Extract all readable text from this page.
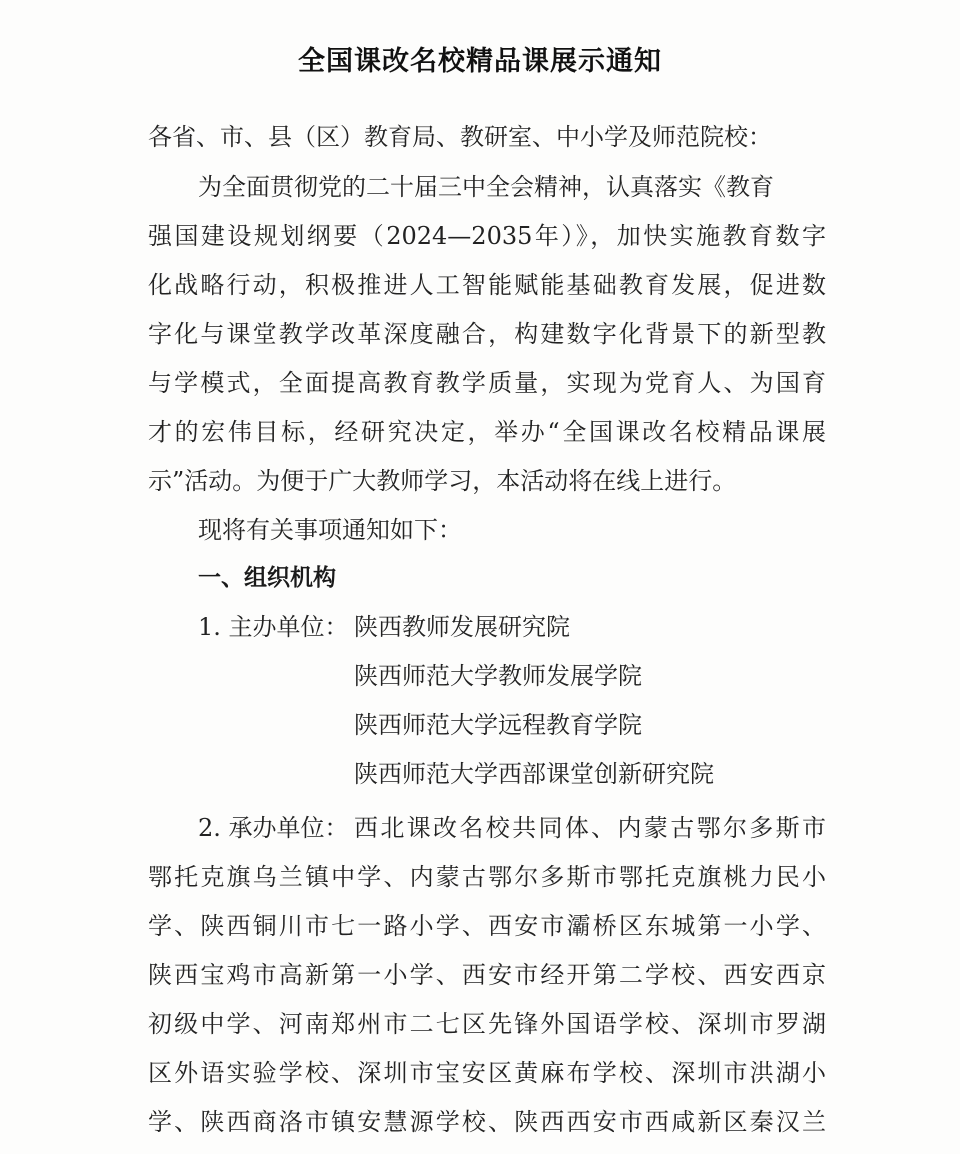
全国课改名校精品课展示通知
各省、市、县（区）教育局、教研室、中小学及师范院校：
为全面贯彻党的二十届三中全会精神，认真落实《教育
强国建设规划纲要（2024—2035年）》，加快实施教育数字
化战略行动，积极推进人工智能赋能基础教育发展，促进数
字化与课堂教学改革深度融合，构建数字化背景下的新型教
与学模式，全面提高教育教学质量，实现为党育人、为国育
才的宏伟目标，经研究决定，举办“全国课改名校精品课展
示”活动。为便于广大教师学习，本活动将在线上进行。
现将有关事项通知如下：
一、组织机构
1. 主办单位： 陕西教师发展研究院
陕西师范大学教师发展学院
陕西师范大学远程教育学院
陕西师范大学西部课堂创新研究院
2. 承办单位： 西北课改名校共同体、内蒙古鄂尔多斯市
鄂托克旗乌兰镇中学、内蒙古鄂尔多斯市鄂托克旗桃力民小
学、陕西铜川市七一路小学、西安市灞桥区东城第一小学、
陕西宝鸡市高新第一小学、西安市经开第二学校、西安西京
初级中学、河南郑州市二七区先锋外国语学校、深圳市罗湖
区外语实验学校、深圳市宝安区黄麻布学校、深圳市洪湖小
学、陕西商洛市镇安慧源学校、陕西西安市西咸新区秦汉兰
